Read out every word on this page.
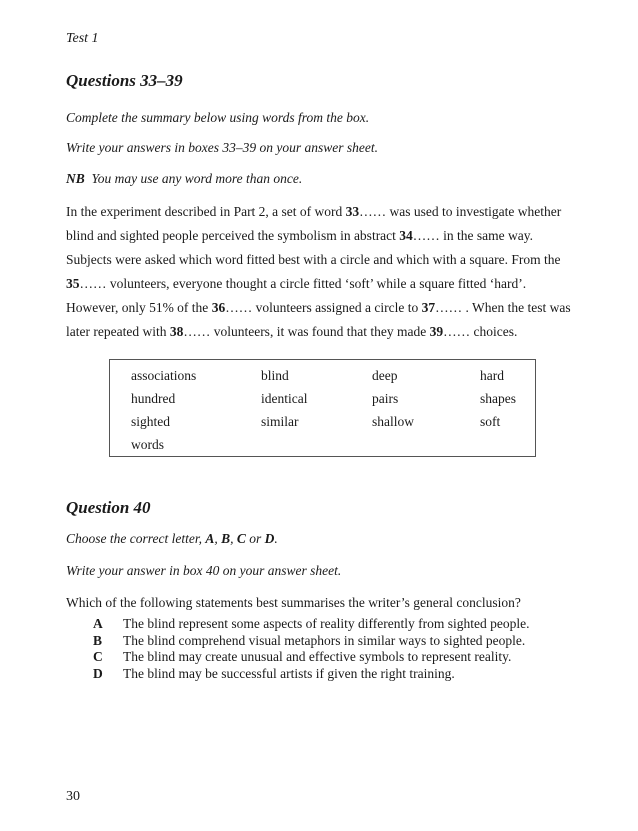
Test 1
Questions 33–39
Complete the summary below using words from the box.
Write your answers in boxes 33–39 on your answer sheet.
NB You may use any word more than once.
In the experiment described in Part 2, a set of word 33…… was used to investigate whether
blind and sighted people perceived the symbolism in abstract 34…… in the same way.
Subjects were asked which word fitted best with a circle and which with a square. From the
35…… volunteers, everyone thought a circle fitted ‘soft’ while a square fitted ‘hard’.
However, only 51% of the 36…… volunteers assigned a circle to 37…… . When the test was
later repeated with 38…… volunteers, it was found that they made 39…… choices.
associations	blind	deep	hard
hundred	identical	pairs	shapes
sighted	similar	shallow	soft
words
Question 40
Choose the correct letter, A, B, C or D.
Write your answer in box 40 on your answer sheet.
Which of the following statements best summarises the writer’s general conclusion?
A The blind represent some aspects of reality differently from sighted people.
B The blind comprehend visual metaphors in similar ways to sighted people.
C The blind may create unusual and effective symbols to represent reality.
D The blind may be successful artists if given the right training.
30
